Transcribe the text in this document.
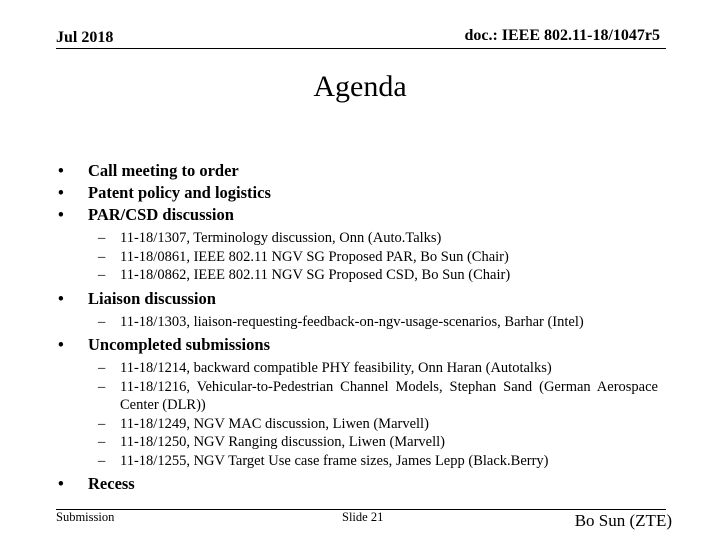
Jul 2018	doc.: IEEE 802.11-18/1047r5
Agenda
• Call meeting to order
• Patent policy and logistics
• PAR/CSD discussion
– 11-18/1307, Terminology discussion, Onn (Auto.Talks)
– 11-18/0861, IEEE 802.11 NGV SG Proposed PAR, Bo Sun (Chair)
– 11-18/0862, IEEE 802.11 NGV SG Proposed CSD, Bo Sun (Chair)
• Liaison discussion
– 11-18/1303, liaison-requesting-feedback-on-ngv-usage-scenarios, Barhar (Intel)
• Uncompleted submissions
– 11-18/1214, backward compatible PHY feasibility, Onn Haran (Autotalks)
– 11-18/1216, Vehicular-to-Pedestrian Channel Models, Stephan Sand (German Aerospace Center (DLR))
– 11-18/1249, NGV MAC discussion, Liwen (Marvell)
– 11-18/1250, NGV Ranging discussion, Liwen (Marvell)
– 11-18/1255, NGV Target Use case frame sizes, James Lepp (Black.Berry)
• Recess
Submission	Slide 21	Bo Sun (ZTE)
